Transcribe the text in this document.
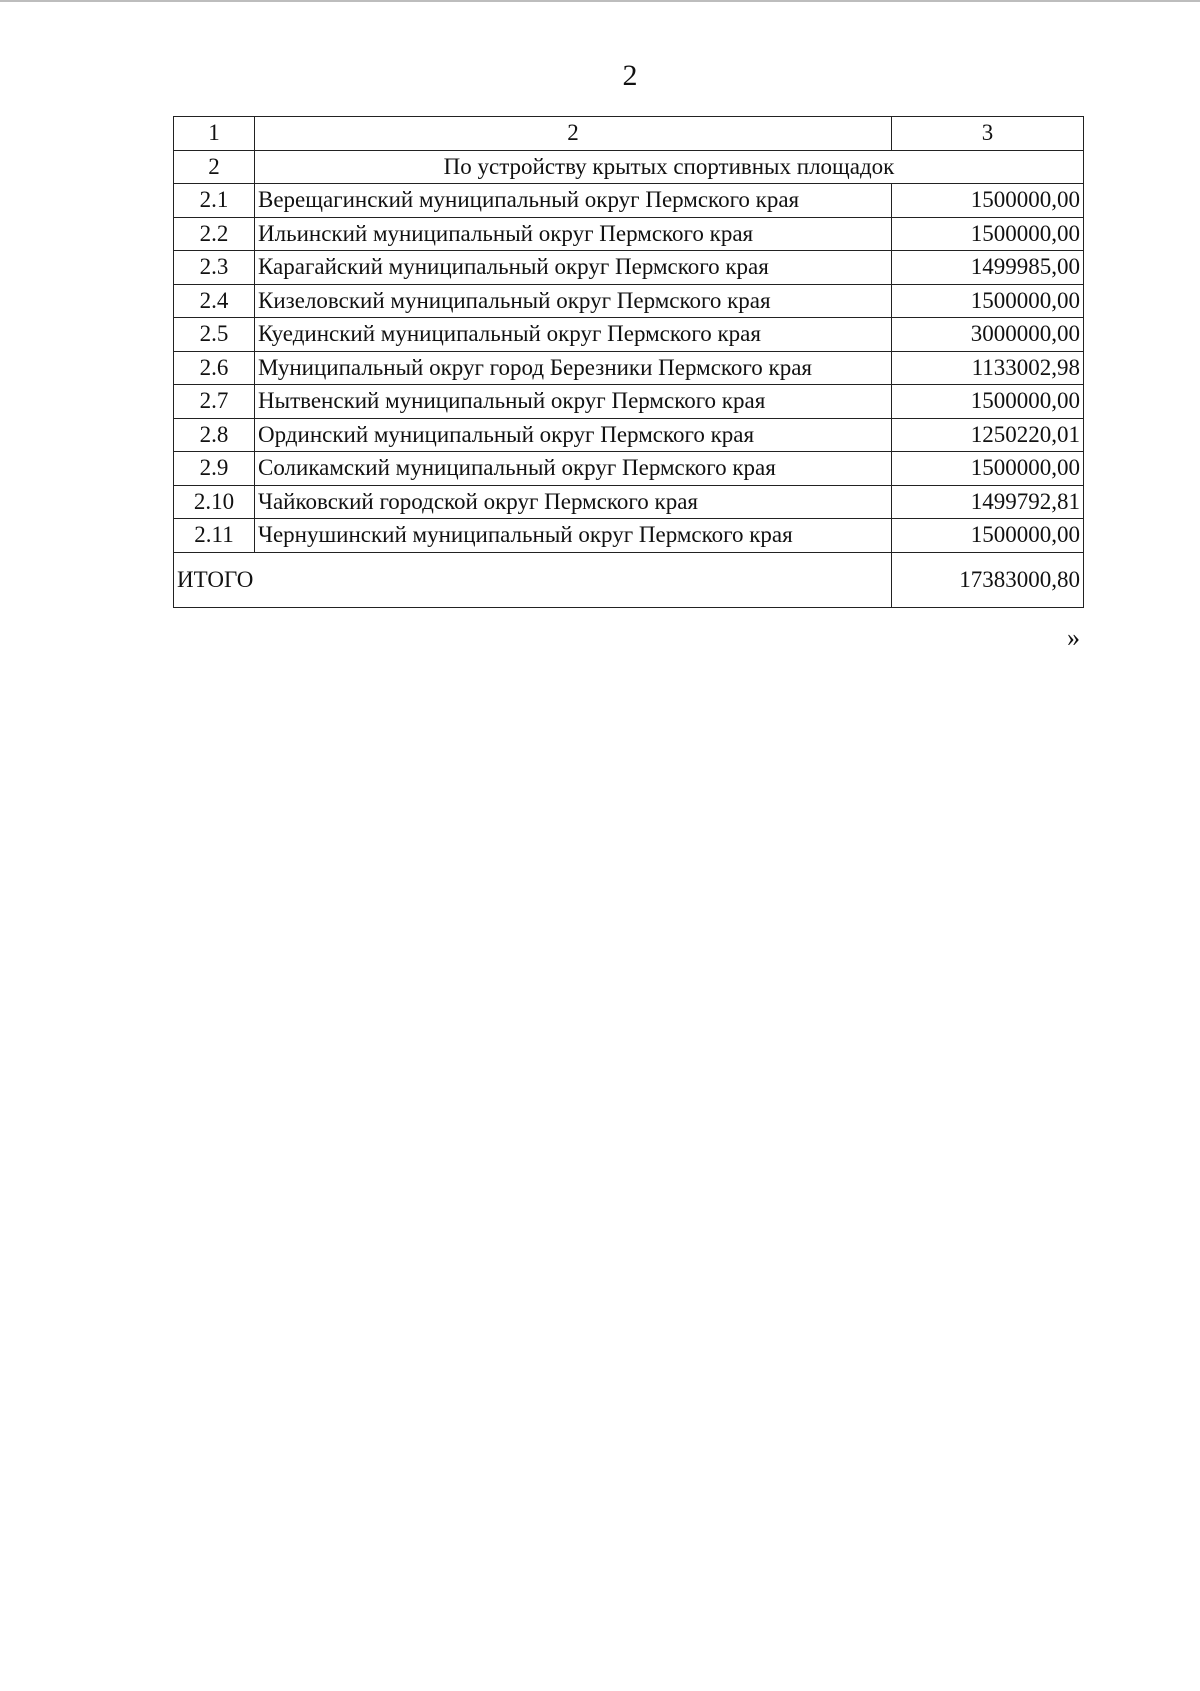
2
1	2	3
2	По устройству крытых спортивных площадок	
2.1	Верещагинский муниципальный округ Пермского края	1500000,00
2.2	Ильинский муниципальный округ Пермского края	1500000,00
2.3	Карагайский муниципальный округ Пермского края	1499985,00
2.4	Кизеловский муниципальный округ Пермского края	1500000,00
2.5	Куединский муниципальный округ Пермского края	3000000,00
2.6	Муниципальный округ город Березники Пермского края	1133002,98
2.7	Нытвенский муниципальный округ Пермского края	1500000,00
2.8	Ординский муниципальный округ Пермского края	1250220,01
2.9	Соликамский муниципальный округ Пермского края	1500000,00
2.10	Чайковский городской округ Пермского края	1499792,81
2.11	Чернушинский муниципальный округ Пермского края	1500000,00
ИТОГО		17383000,80
»
